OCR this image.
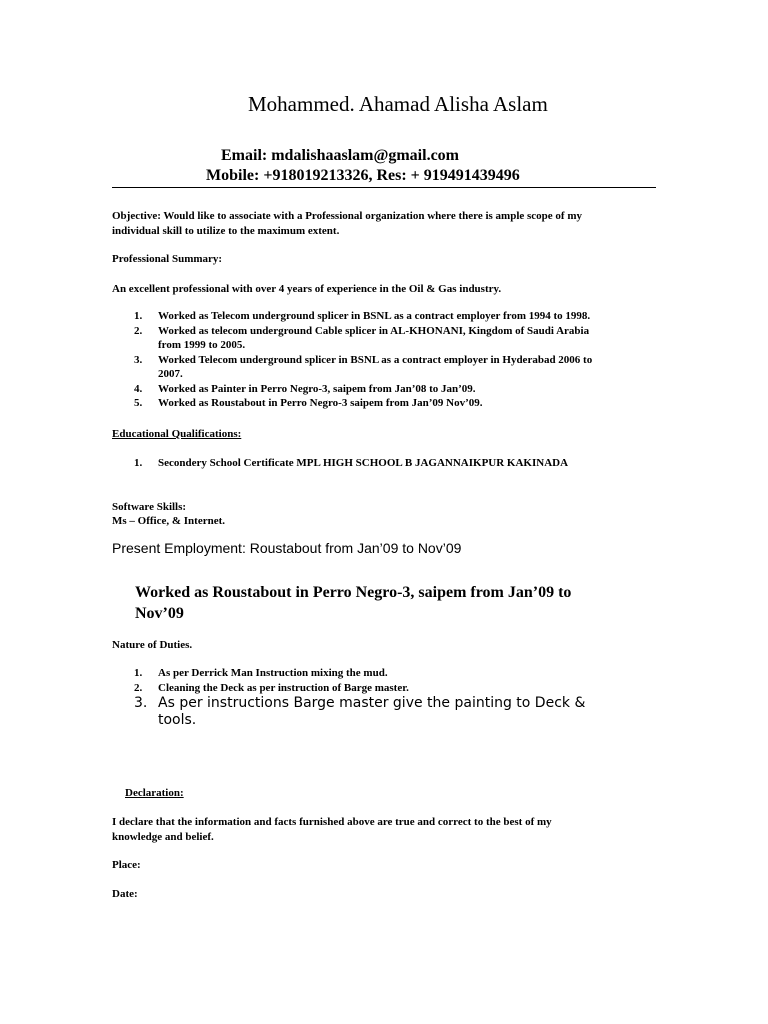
Mohammed. Ahamad Alisha Aslam
Email: mdalishaaslam@gmail.com
Mobile: +918019213326, Res: + 919491439496
Objective: Would like to associate with a Professional organization where there is ample scope of my
individual skill to utilize to the maximum extent.
Professional Summary:
An excellent professional with over 4 years of experience in the Oil & Gas industry.
1. Worked as Telecom underground splicer in BSNL as a contract employer from 1994 to 1998.
2. Worked as telecom underground Cable splicer in AL-KHONANI, Kingdom of Saudi Arabia
from 1999 to 2005.
3. Worked Telecom underground splicer in BSNL as a contract employer in Hyderabad 2006 to
2007.
4. Worked as Painter in Perro Negro-3, saipem from Jan’08 to Jan’09.
5. Worked as Roustabout in Perro Negro-3 saipem from Jan’09 Nov’09.
Educational Qualifications:
1. Secondery School Certificate MPL HIGH SCHOOL B JAGANNAIKPUR KAKINADA
Software Skills:
Ms – Office, & Internet.
Present Employment: Roustabout from Jan’09 to Nov’09
Worked as Roustabout in Perro Negro-3, saipem from Jan’09 to
Nov’09
Nature of Duties.
1. As per Derrick Man Instruction mixing the mud.
2. Cleaning the Deck as per instruction of Barge master.
3. As per instructions Barge master give the painting to Deck &
tools.
Declaration:
I declare that the information and facts furnished above are true and correct to the best of my
knowledge and belief.
Place:
Date:
